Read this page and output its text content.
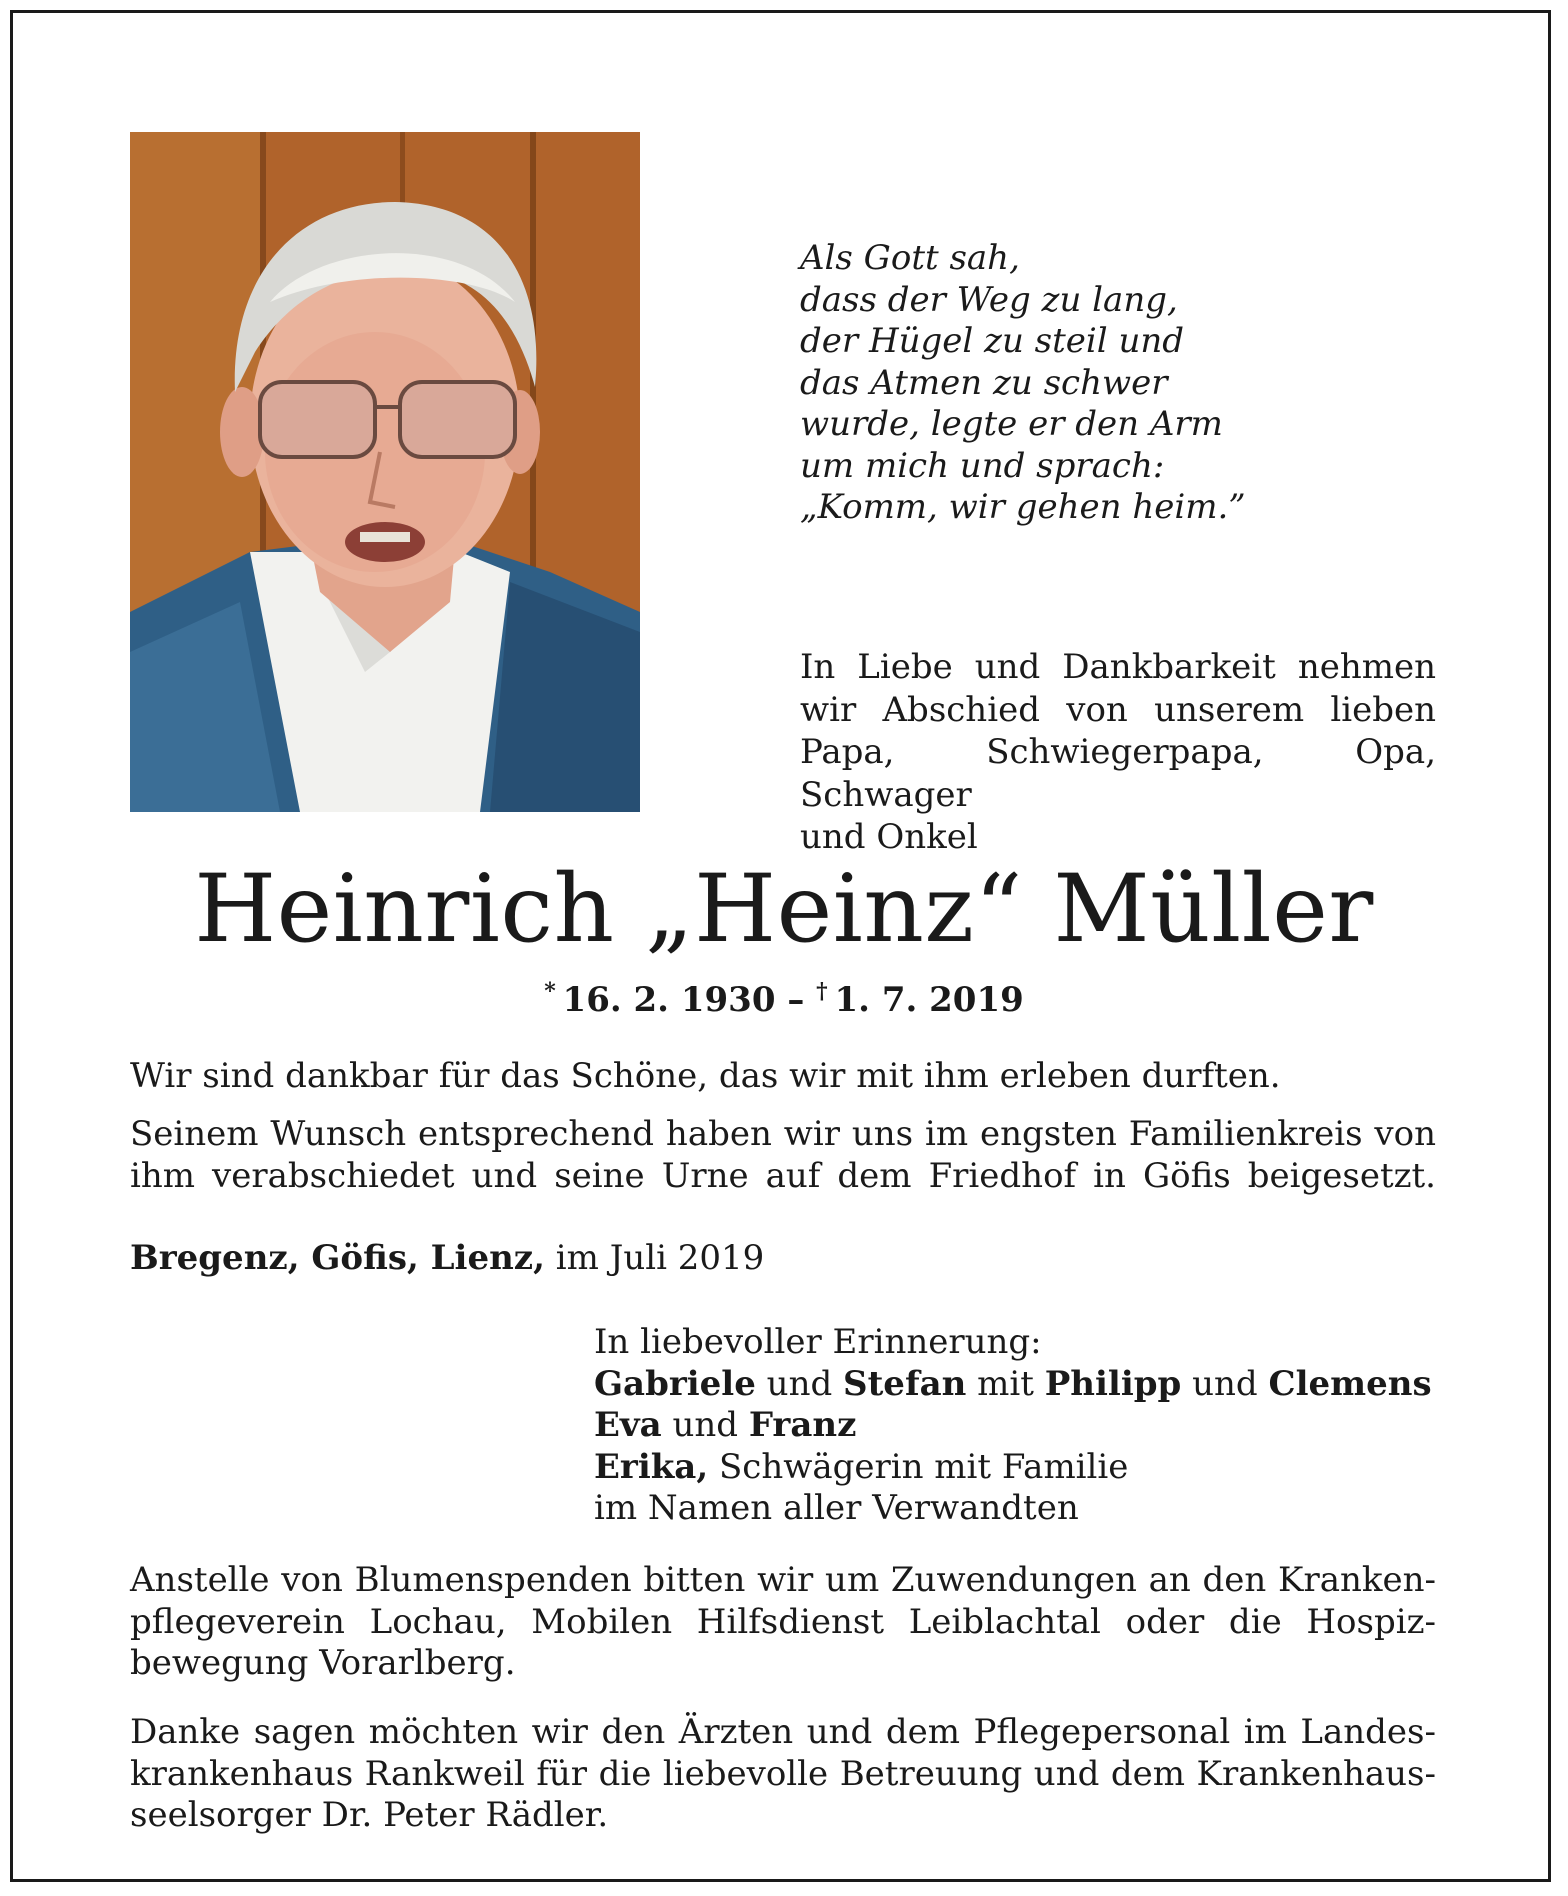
Als Gott sah,
dass der Weg zu lang,
der Hügel zu steil und
das Atmen zu schwer
wurde, legte er den Arm
um mich und sprach:
„Komm, wir gehen heim.”
In Liebe und Dankbarkeit nehmen
wir Abschied von unserem lieben
Papa, Schwiegerpapa, Opa, Schwager
und Onkel
Heinrich „Heinz“ Müller
*  16. 2. 1930 – †  1. 7. 2019
Wir sind dankbar für das Schöne, das wir mit ihm erleben durften.
Seinem Wunsch entsprechend haben wir uns im engsten Familienkreis von
ihm verabschiedet und seine Urne auf dem Friedhof in Göfis beigesetzt.
Bregenz, Göfis, Lienz, im Juli 2019
In liebevoller Erinnerung:
Gabriele und Stefan mit Philipp und Clemens
Eva und Franz
Erika, Schwägerin mit Familie
im Namen aller Verwandten
Anstelle von Blumenspenden bitten wir um Zuwendungen an den Kranken-
pflegeverein Lochau, Mobilen Hilfsdienst Leiblachtal oder die Hospiz-
bewegung Vorarlberg.
Danke sagen möchten wir den Ärzten und dem Pflegepersonal im Landes-
krankenhaus Rankweil für die liebevolle Betreuung und dem Krankenhaus-
seelsorger Dr. Peter Rädler.
